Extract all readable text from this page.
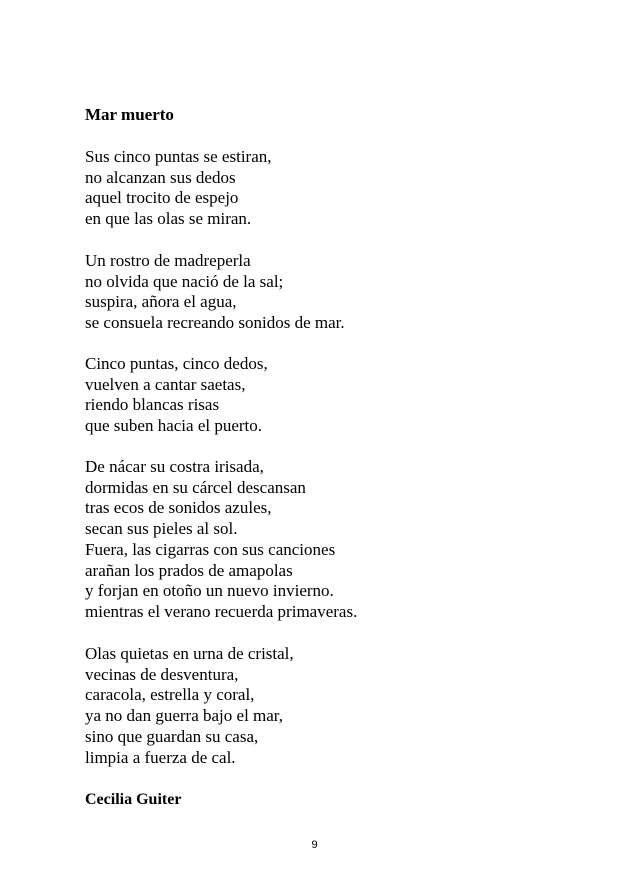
Mar muerto
Sus cinco puntas se estiran,
no alcanzan sus dedos
aquel trocito de espejo
en que las olas se miran.
Un rostro de madreperla
no olvida que nació de la sal;
suspira, añora el agua,
se consuela recreando sonidos de mar.
Cinco puntas, cinco dedos,
vuelven a cantar saetas,
riendo blancas risas
que suben hacia el puerto.
De nácar su costra irisada,
dormidas en su cárcel descansan
tras ecos de sonidos azules,
secan sus pieles al sol.
Fuera, las cigarras con sus canciones
arañan los prados de amapolas
y forjan en otoño un nuevo invierno.
mientras el verano recuerda primaveras.
Olas quietas en urna de cristal,
vecinas de desventura,
caracola, estrella y coral,
ya no dan guerra bajo el mar,
sino que guardan su casa,
limpia a fuerza de cal.
Cecilia Guiter
9
